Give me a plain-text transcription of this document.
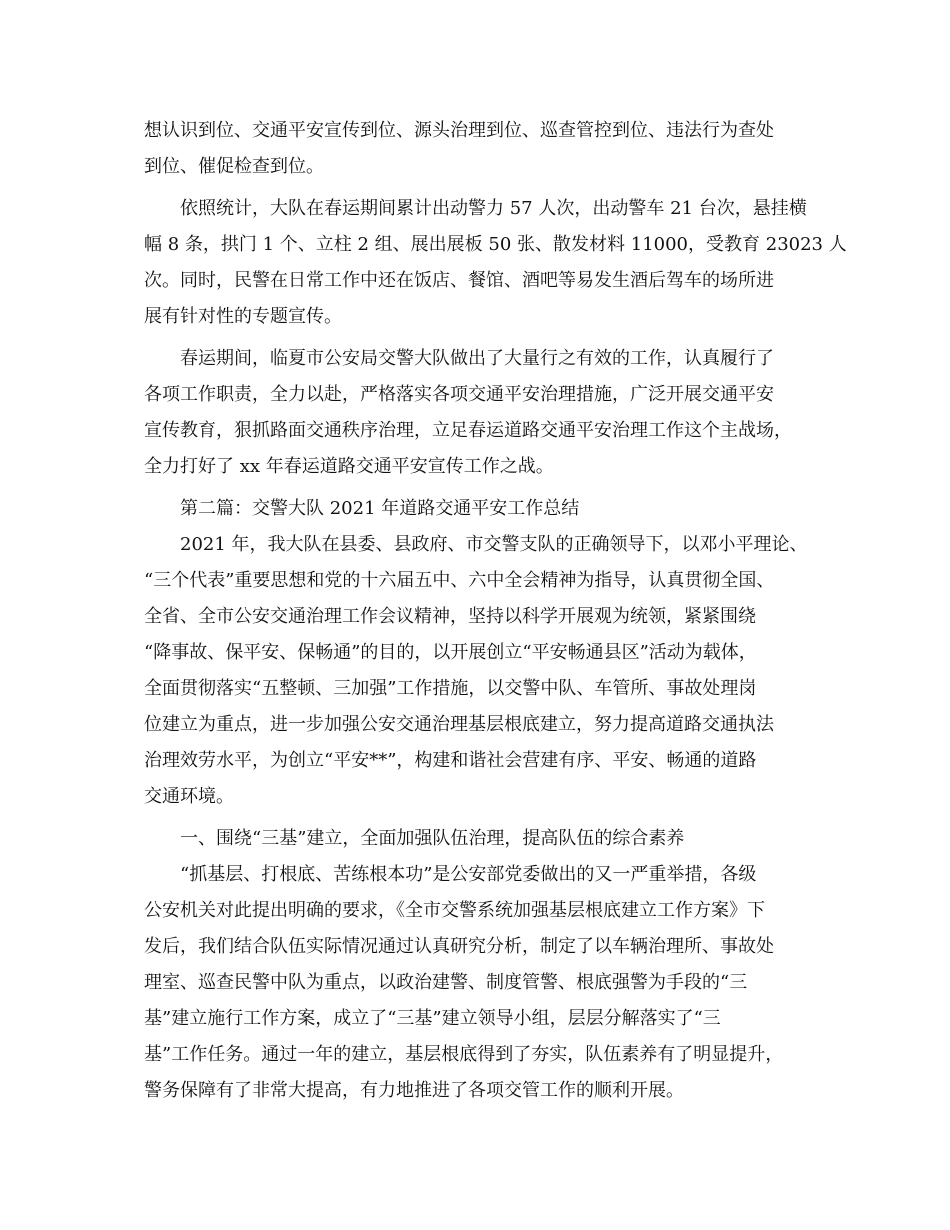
想认识到位、交通平安宣传到位、源头治理到位、巡查管控到位、违法行为查处
到位、催促检查到位。
依照统计，大队在春运期间累计出动警力 57 人次，出动警车 21 台次，悬挂横
幅 8 条，拱门 1 个、立柱 2 组、展出展板 50 张、散发材料 11000，受教育 23023 人
次。同时，民警在日常工作中还在饭店、餐馆、酒吧等易发生酒后驾车的场所进
展有针对性的专题宣传。
春运期间，临夏市公安局交警大队做出了大量行之有效的工作，认真履行了
各项工作职责，全力以赴，严格落实各项交通平安治理措施，广泛开展交通平安
宣传教育，狠抓路面交通秩序治理，立足春运道路交通平安治理工作这个主战场，
全力打好了 xx 年春运道路交通平安宣传工作之战。
第二篇：交警大队 2021 年道路交通平安工作总结
2021 年，我大队在县委、县政府、市交警支队的正确领导下，以邓小平理论、
“三个代表”重要思想和党的十六届五中、六中全会精神为指导，认真贯彻全国、
全省、全市公安交通治理工作会议精神，坚持以科学开展观为统领，紧紧围绕
“降事故、保平安、保畅通”的目的，以开展创立“平安畅通县区”活动为载体，
全面贯彻落实“五整顿、三加强”工作措施，以交警中队、车管所、事故处理岗
位建立为重点，进一步加强公安交通治理基层根底建立，努力提高道路交通执法
治理效劳水平，为创立“平安**”，构建和谐社会营建有序、平安、畅通的道路
交通环境。
一、围绕“三基”建立，全面加强队伍治理，提高队伍的综合素养
“抓基层、打根底、苦练根本功”是公安部党委做出的又一严重举措，各级
公安机关对此提出明确的要求，《全市交警系统加强基层根底建立工作方案》下
发后，我们结合队伍实际情况通过认真研究分析，制定了以车辆治理所、事故处
理室、巡查民警中队为重点，以政治建警、制度管警、根底强警为手段的“三
基”建立施行工作方案，成立了“三基”建立领导小组，层层分解落实了“三
基”工作任务。通过一年的建立，基层根底得到了夯实，队伍素养有了明显提升，
警务保障有了非常大提高，有力地推进了各项交管工作的顺利开展。
